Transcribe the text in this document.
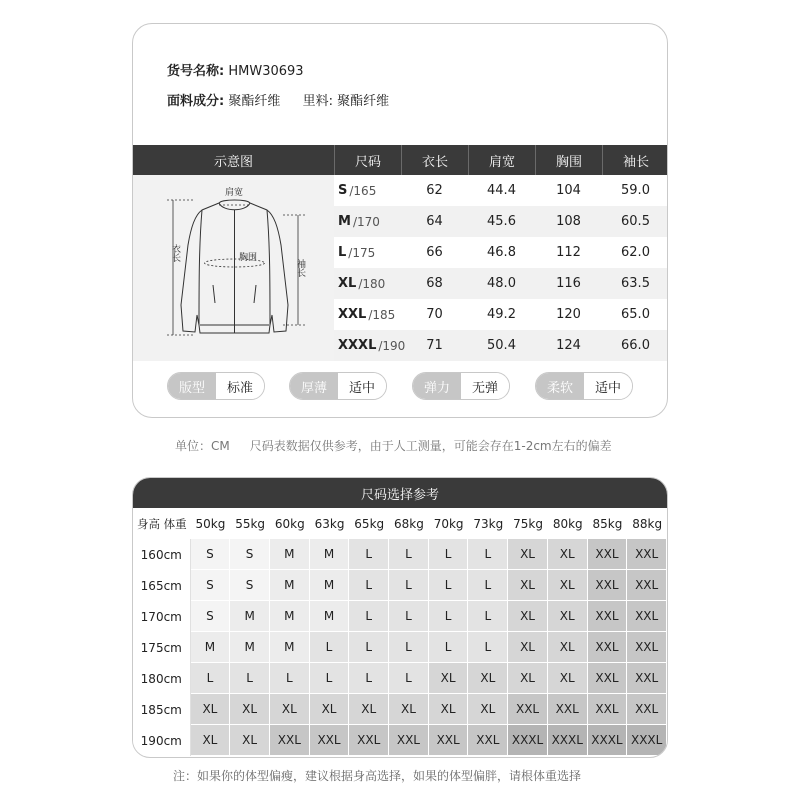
货号名称: HMW30693
面料成分: 聚酯纤维 里料: 聚酯纤维
示意图	尺码	衣长	肩宽	胸围	袖长
肩宽
衣长	胸围
袖长
S /165	62	44.4	104	59.0
M /170	64	45.6	108	60.5
L /175	66	46.8	112	62.0
XL /180	68	48.0	116	63.5
XXL /185	70	49.2	120	65.0
XXXL /190	71	50.4	124	66.0
版型	标准	厚薄	适中	弹力	无弹	柔软	适中
单位：CM 尺码表数据仅供参考，由于人工测量，可能会存在1-2cm左右的偏差
尺码选择参考
身高 体重 50kg 55kg 60kg 63kg 65kg 68kg 70kg 73kg 75kg 80kg 85kg 88kg
160cm	S	S	M	M	L	L	L	L	XL	XL	XXL	XXL
165cm	S	S	M	M	L	L	L	L	XL	XL	XXL	XXL
170cm	S	M	M	M	L	L	L	L	XL	XL	XXL	XXL
175cm	M	M	M	L	L	L	L	L	XL	XL	XXL	XXL
180cm	L	L	L	L	L	L	XL	XL	XL	XL	XXL	XXL
185cm	XL	XL	XL	XL	XL	XL	XL	XL	XXL	XXL	XXL	XXL
190cm	XL	XL	XXL	XXL	XXL	XXL	XXL	XXL	XXXL XXXL XXXL XXXL
注：如果你的体型偏瘦，建议根据身高选择，如果的体型偏胖，请根体重选择
